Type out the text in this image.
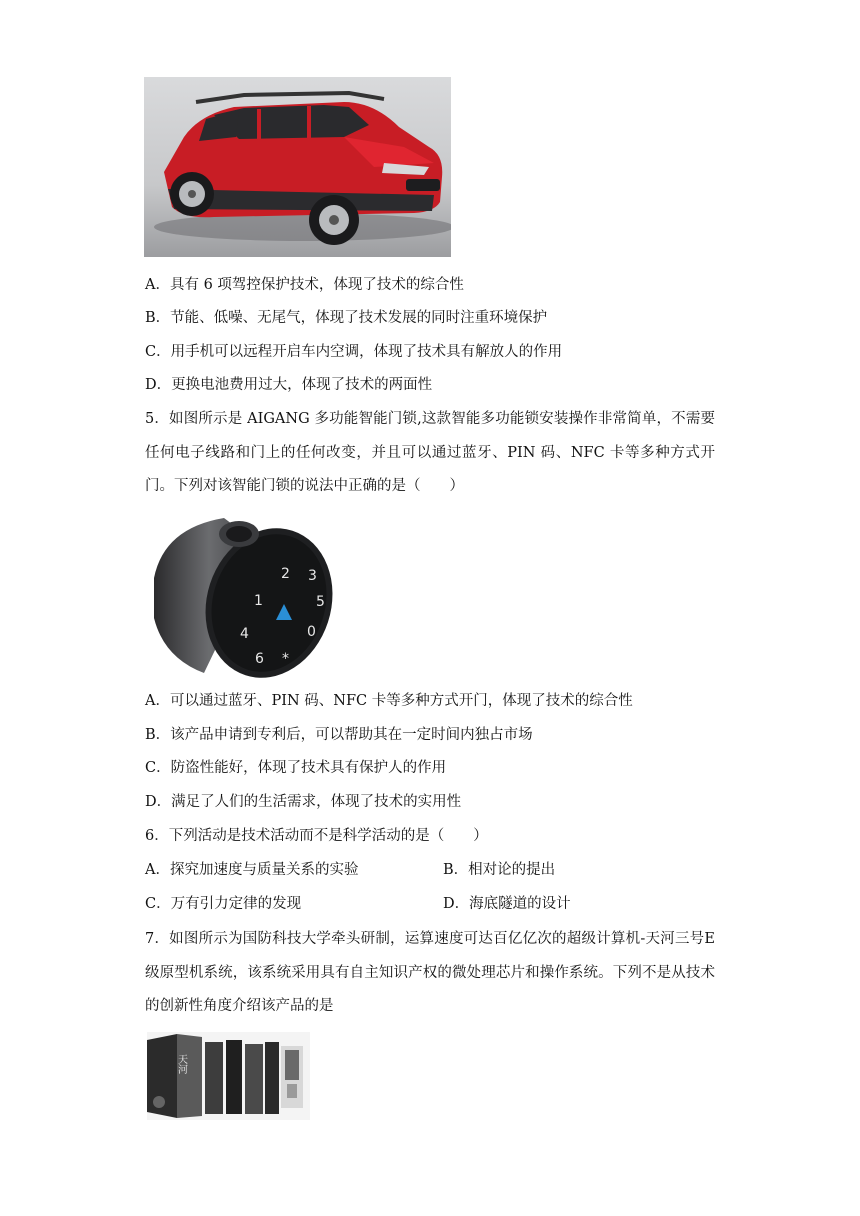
A．具有 6 项驾控保护技术，体现了技术的综合性
B．节能、低噪、无尾气，体现了技术发展的同时注重环境保护
C．用手机可以远程开启车内空调，体现了技术具有解放人的作用
D．更换电池费用过大，体现了技术的两面性
5．如图所示是 AIGANG 多功能智能门锁,这款智能多功能锁安装操作非常简单，不需要任何电子线路和门上的任何改变，并且可以通过蓝牙、PIN 码、NFC 卡等多种方式开门。下列对该智能门锁的说法中正确的是（　　）
2 3
1	5
4	0
6 *
A．可以通过蓝牙、PIN 码、NFC 卡等多种方式开门，体现了技术的综合性
B．该产品申请到专利后，可以帮助其在一定时间内独占市场
C．防盗性能好，体现了技术具有保护人的作用
D．满足了人们的生活需求，体现了技术的实用性
6．下列活动是技术活动而不是科学活动的是（　　）
A．探究加速度与质量关系的实验	B．相对论的提出
C．万有引力定律的发现	D．海底隧道的设计
7．如图所示为国防科技大学牵头研制，运算速度可达百亿亿次的超级计算机-天河三号E 级原型机系统，该系统采用具有自主知识产权的微处理芯片和操作系统。下列不是从技术的创新性角度介绍该产品的是
天河
